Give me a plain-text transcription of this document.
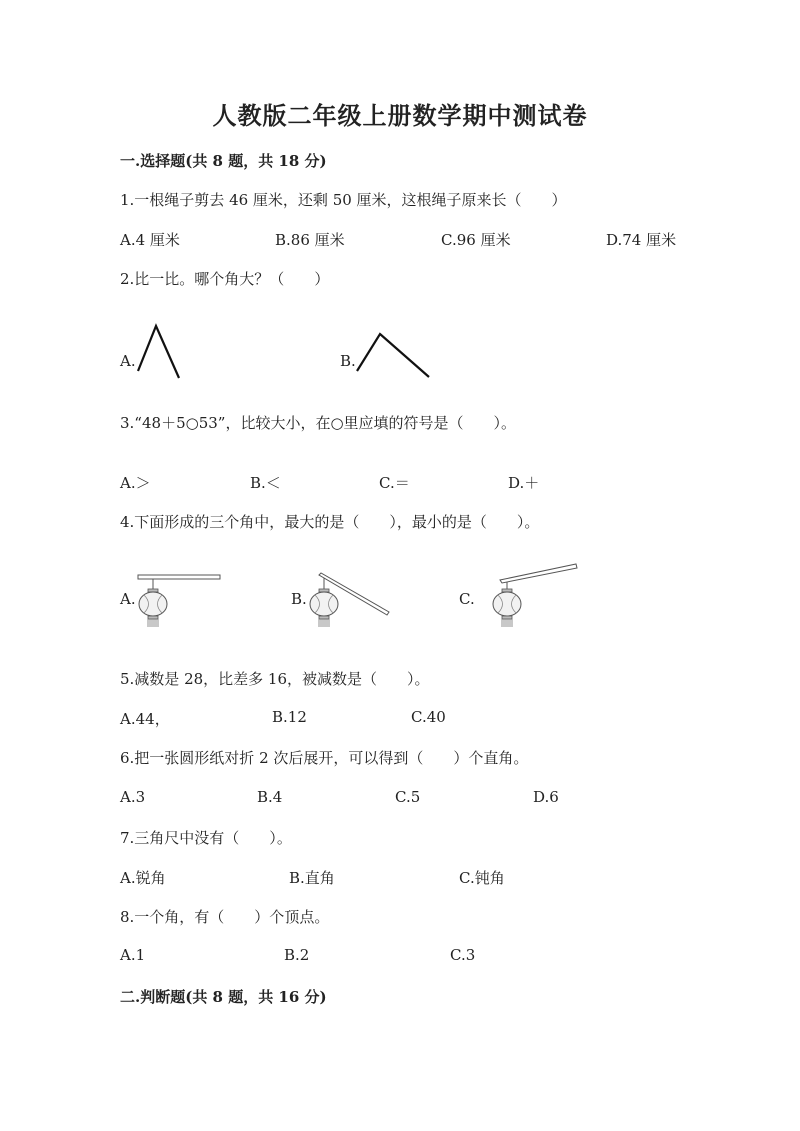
人教版二年级上册数学期中测试卷
一.选择题(共 8 题，共 18 分)
1.一根绳子剪去 46 厘米，还剩 50 厘米，这根绳子原来长（　　）
A.4 厘米	B.86 厘米	C.96 厘米	D.74 厘米
2.比一比。哪个角大？（　　）
A.	B.
3.“48＋5○53”，比较大小，在○里应填的符号是（　　）。
A.＞	B.＜	C.＝	D.＋
4.下面形成的三个角中，最大的是（　　），最小的是（　　）。
A.	B.	C.
5.减数是 28，比差多 16，被减数是（　　）。
A.44，	B.12	C.40
6.把一张圆形纸对折 2 次后展开，可以得到（　　）个直角。
A.3	B.4	C.5	D.6
7.三角尺中没有（　　）。
A.锐角	B.直角	C.钝角
8.一个角，有（　　）个顶点。
A.1	B.2	C.3
二.判断题(共 8 题，共 16 分)
